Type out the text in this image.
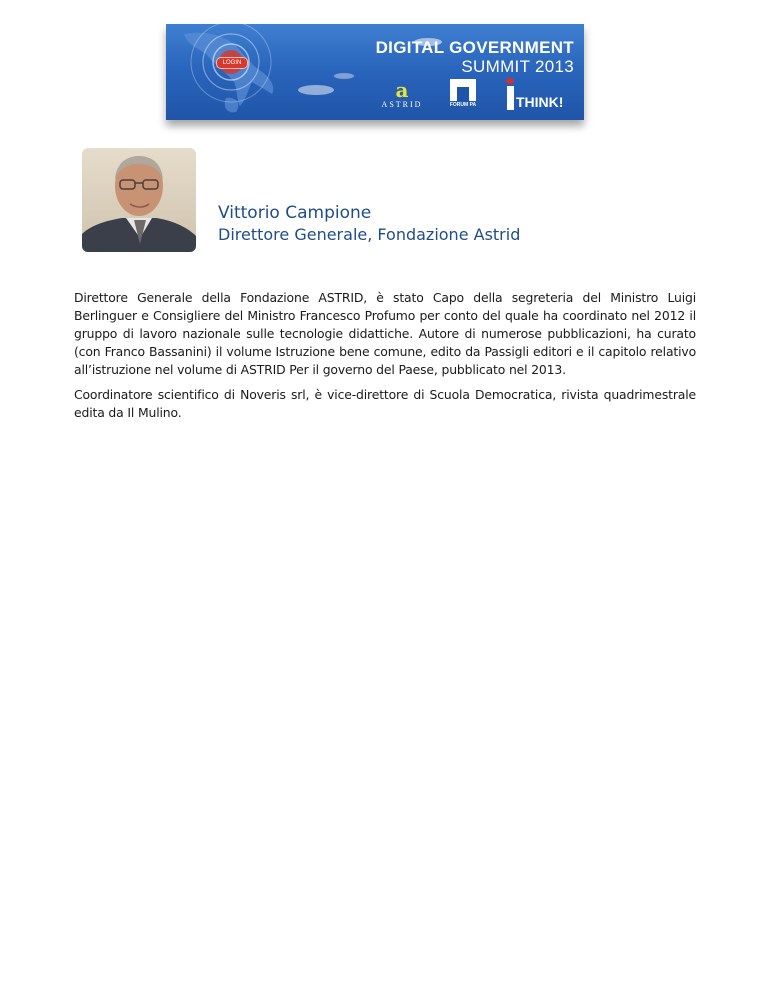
LOGIN
DIGITAL GOVERNMENT
SUMMIT 2013
a
ASTRID	FORUM PA	THINK!
Vittorio Campione
Direttore Generale, Fondazione Astrid

Direttore Generale della Fondazione ASTRID, è stato Capo della segreteria del Ministro Luigi Berlinguer e Consigliere del Ministro Francesco Profumo per conto del quale ha coordinato nel 2012 il gruppo di lavoro nazionale sulle tecnologie didattiche. Autore di numerose pubblicazioni, ha curato (con Franco Bassanini) il volume Istruzione bene comune, edito da Passigli editori e il capitolo relativo all’istruzione nel volume di ASTRID Per il governo del Paese, pubblicato nel 2013.

Coordinatore scientifico di Noveris srl, è vice-direttore di Scuola Democratica, rivista quadrimestrale edita da Il Mulino.
